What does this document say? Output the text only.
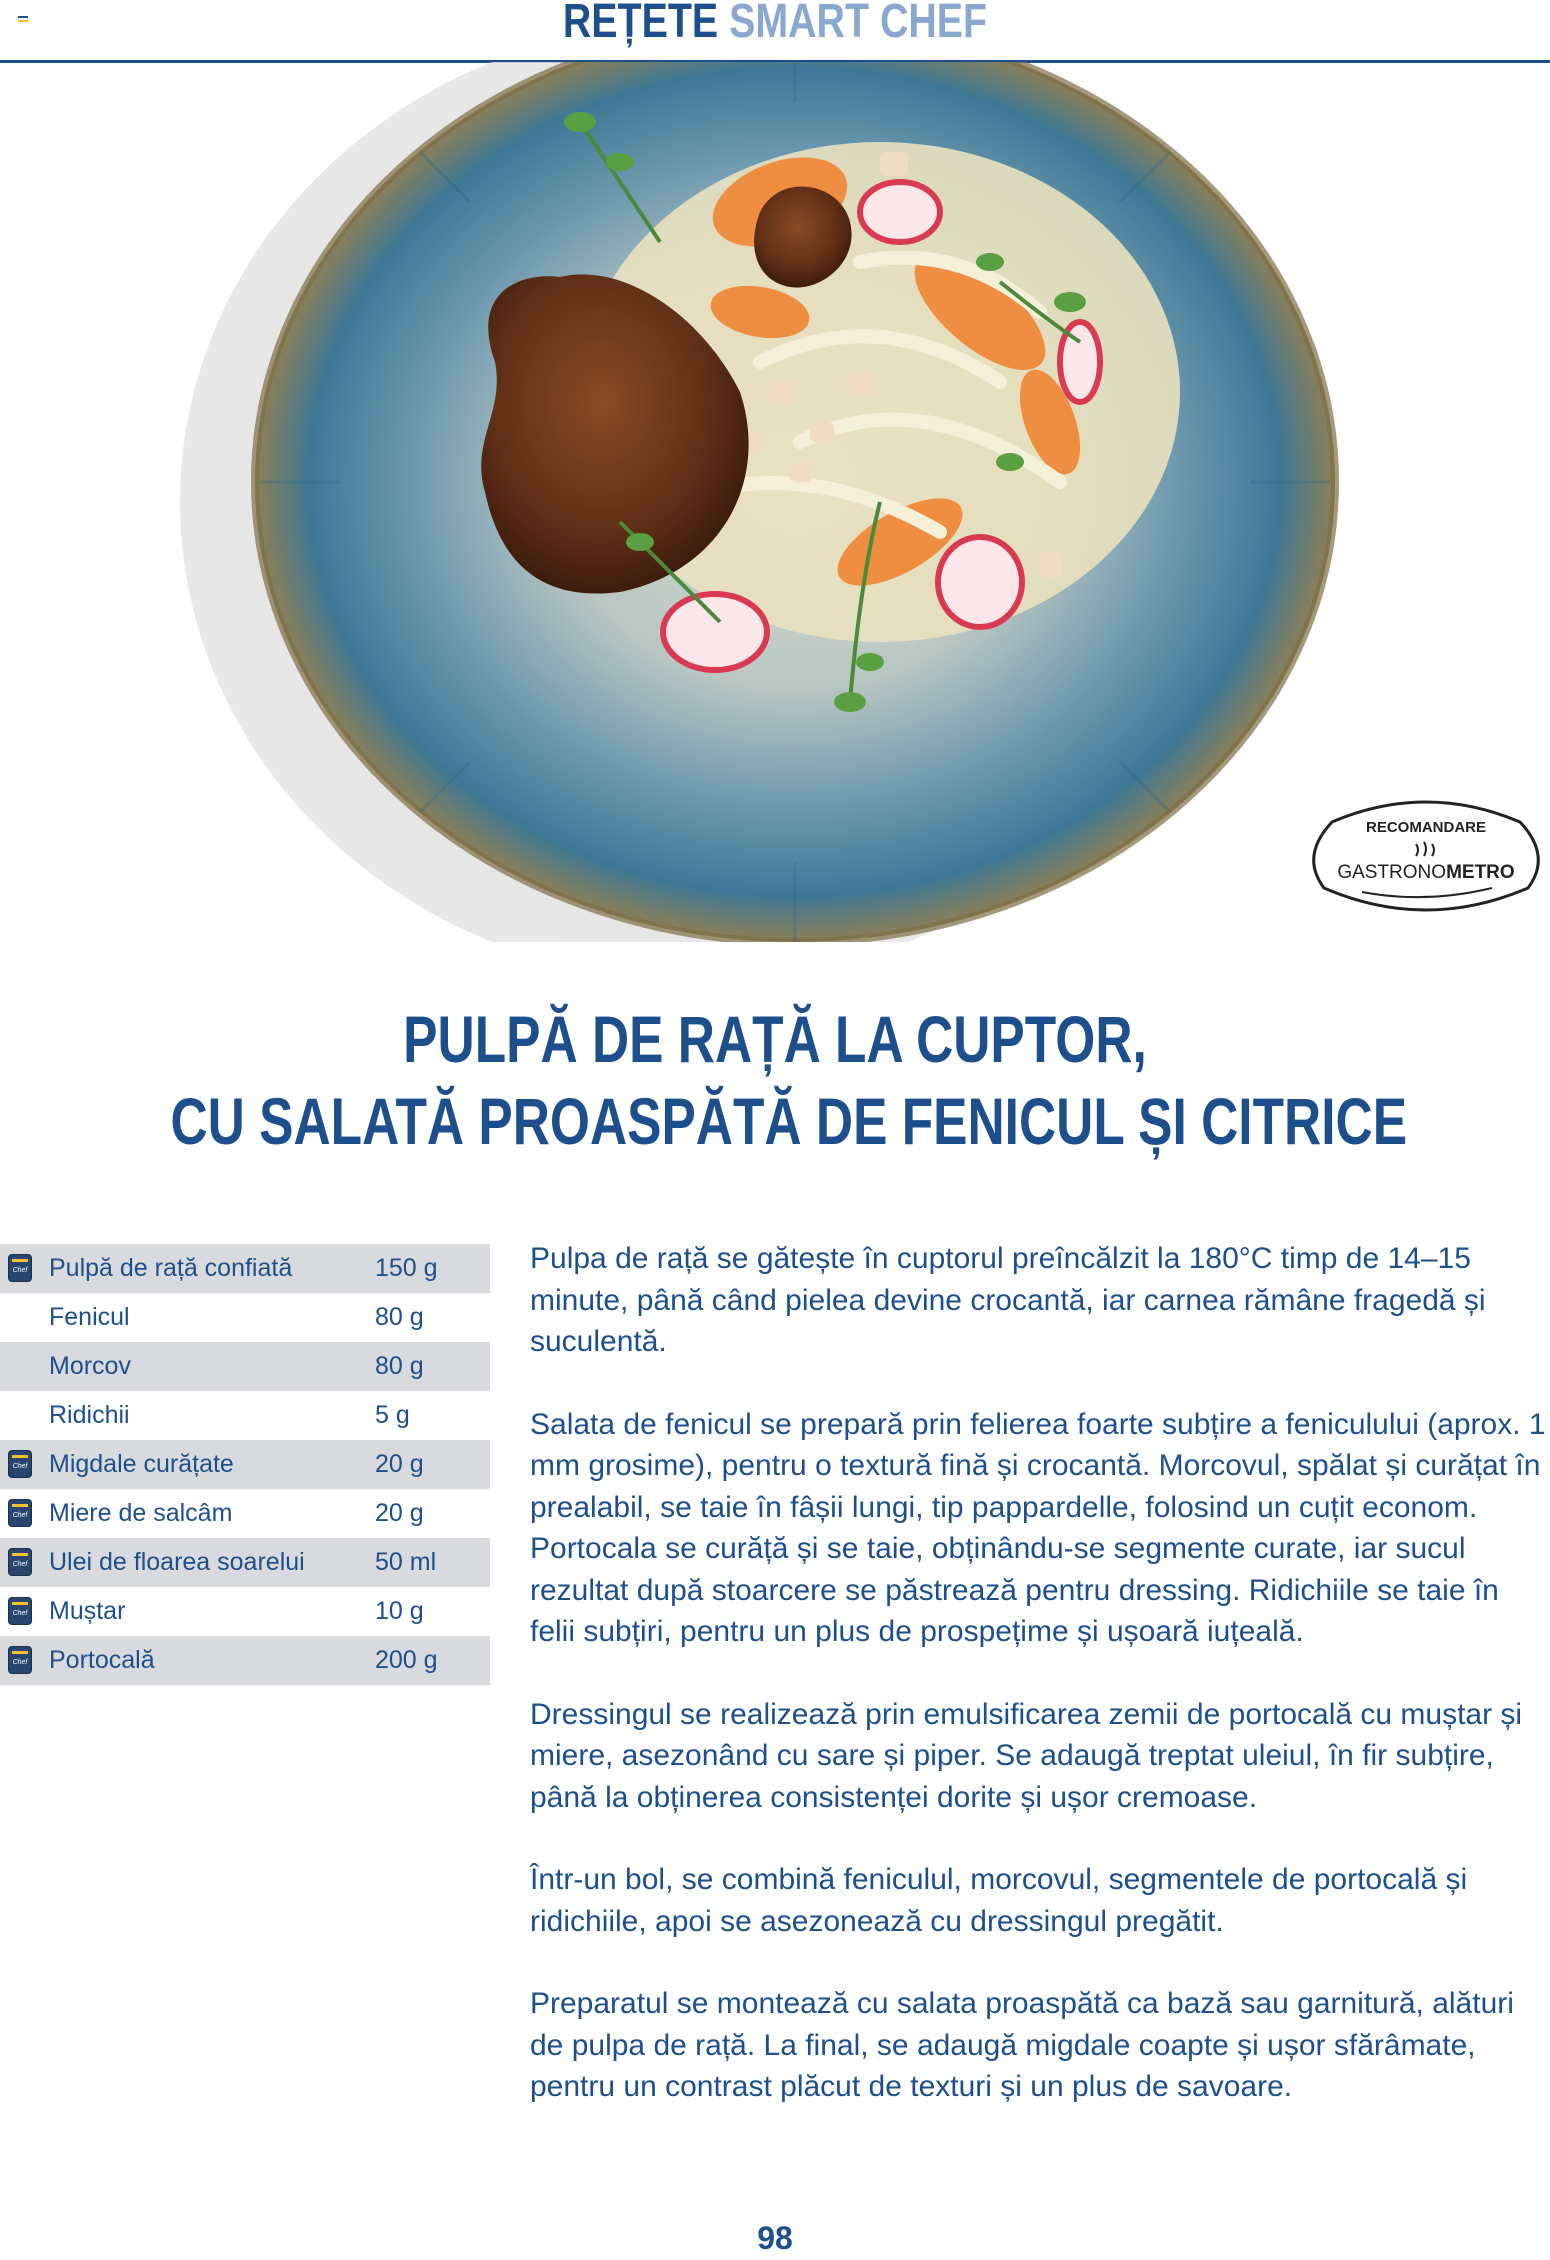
REȚETE SMART CHEF
RECOMANDARE
GASTRONOMETRO
PULPĂ DE RAȚĂ LA CUPTOR,
CU SALATĂ PROASPĂTĂ DE FENICUL ȘI CITRICE
Chef
Pulpă de rață confiată	150 g
Fenicul	80 g
Morcov	80 g
Ridichii	5 g
Chef
Migdale curățate	20 g
Chef
Miere de salcâm	20 g
Chef
Ulei de floarea soarelui	50 ml
Chef
Muștar	10 g
Chef
Portocală	200 g

Pulpa de rață se gătește în cuptorul preîncălzit la 180°C timp de 14–15 minute, până când pielea devine crocantă, iar carnea rămâne fragedă și suculentă.

Salata de fenicul se prepară prin felierea foarte subțire a feniculului (aprox. 1 mm grosime), pentru o textură fină și crocantă. Morcovul, spălat și curățat în prealabil, se taie în fâșii lungi, tip pappardelle, folosind un cuțit econom. Portocala se curăță și se taie, obținându-se segmente curate, iar sucul rezultat după stoarcere se păstrează pentru dressing. Ridichiile se taie în felii subțiri, pentru un plus de prospețime și ușoară iuțeală.

Dressingul se realizează prin emulsificarea zemii de portocală cu muștar și miere, asezonând cu sare și piper. Se adaugă treptat uleiul, în fir subțire, până la obținerea consistenței dorite și ușor cremoase.

Într-un bol, se combină feniculul, morcovul, segmentele de portocală și ridichiile, apoi se asezonează cu dressingul pregătit.

Preparatul se montează cu salata proaspătă ca bază sau garnitură, alături de pulpa de rață. La final, se adaugă migdale coapte și ușor sfărâmate, pentru un contrast plăcut de texturi și un plus de savoare.

98
